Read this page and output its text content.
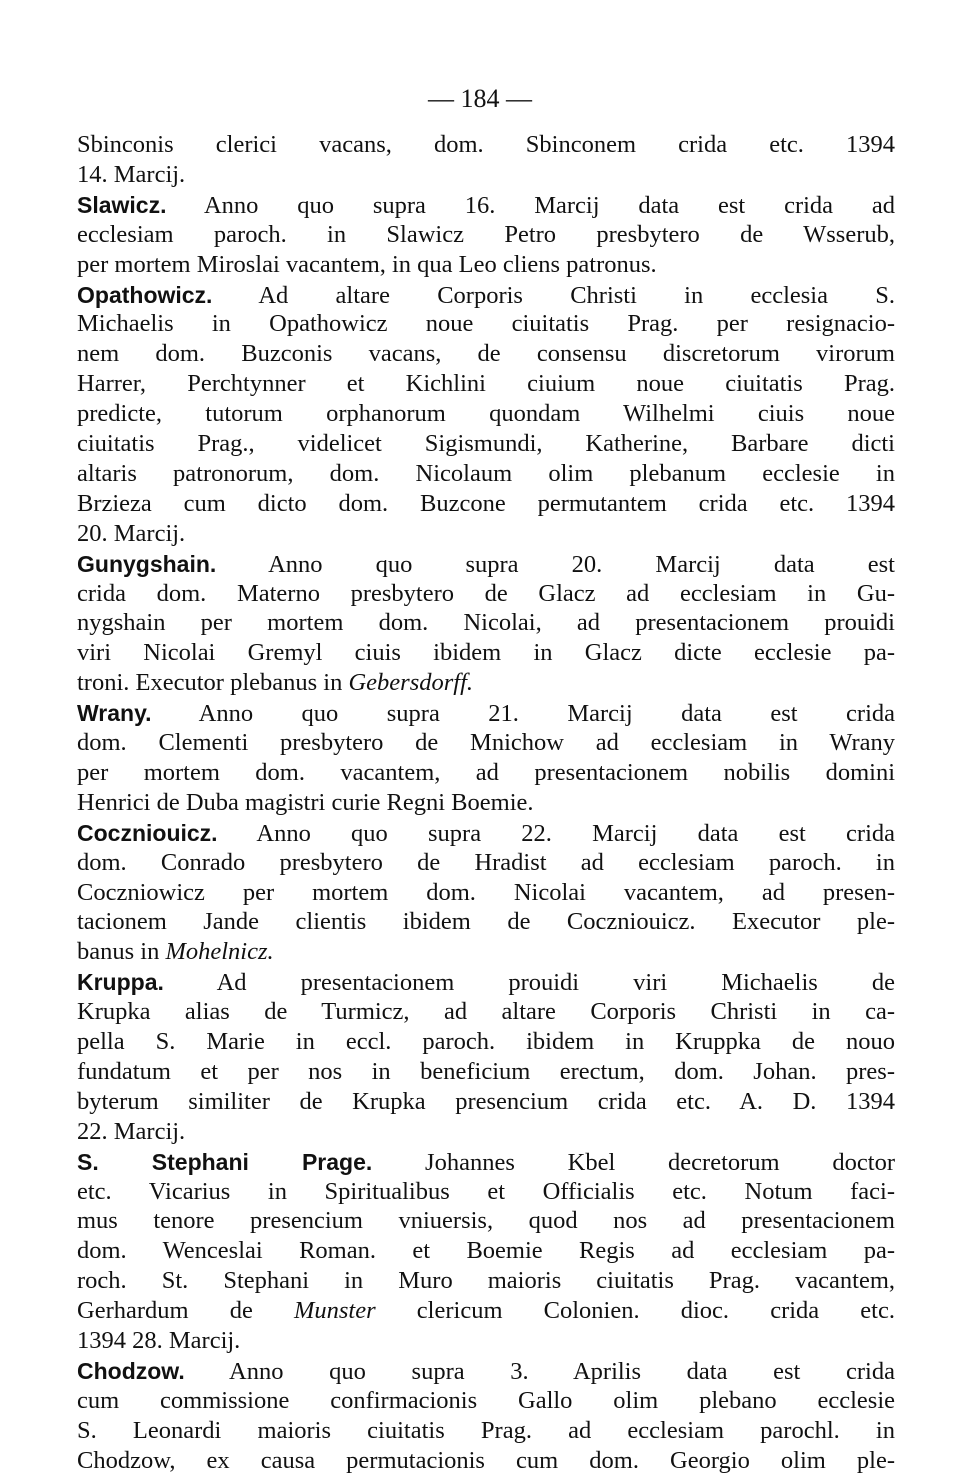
— 184 —
Sbinconis clerici vacans, dom. Sbinconem crida etc. 1394
14. Marcij.
Slawicz. Anno quo supra 16. Marcij data est crida ad
ecclesiam paroch. in Slawicz Petro presbytero de Wsserub,
per mortem Miroslai vacantem, in qua Leo cliens patronus.
Opathowicz. Ad altare Corporis Christi in ecclesia S.
Michaelis in Opathowicz noue ciuitatis Prag. per resignacio-
nem dom. Buzconis vacans, de consensu discretorum virorum
Harrer, Perchtynner et Kichlini ciuium noue ciuitatis Prag.
predicte, tutorum orphanorum quondam Wilhelmi ciuis noue
ciuitatis Prag., videlicet Sigismundi, Katherine, Barbare dicti
altaris patronorum, dom. Nicolaum olim plebanum ecclesie in
Brzieza cum dicto dom. Buzcone permutantem crida etc. 1394
20. Marcij.
Gunygshain. Anno quo supra 20. Marcij data est
crida dom. Materno presbytero de Glacz ad ecclesiam in Gu-
nygshain per mortem dom. Nicolai, ad presentacionem prouidi
viri Nicolai Gremyl ciuis ibidem in Glacz dicte ecclesie pa-
troni. Executor plebanus in Gebersdorff.
Wrany. Anno quo supra 21. Marcij data est crida
dom. Clementi presbytero de Mnichow ad ecclesiam in Wrany
per mortem dom. vacantem, ad presentacionem nobilis domini
Henrici de Duba magistri curie Regni Boemie.
Coczniouicz. Anno quo supra 22. Marcij data est crida
dom. Conrado presbytero de Hradist ad ecclesiam paroch. in
Coczniowicz per mortem dom. Nicolai vacantem, ad presen-
tacionem Jande clientis ibidem de Coczniouicz. Executor ple-
banus in Mohelnicz.
Kruppa. Ad presentacionem prouidi viri Michaelis de
Krupka alias de Turmicz, ad altare Corporis Christi in ca-
pella S. Marie in eccl. paroch. ibidem in Kruppka de nouo
fundatum et per nos in beneficium erectum, dom. Johan. pres-
byterum similiter de Krupka presencium crida etc. A. D. 1394
22. Marcij.
S. Stephani Prage. Johannes Kbel decretorum doctor
etc. Vicarius in Spiritualibus et Officialis etc. Notum faci-
mus tenore presencium vniuersis, quod nos ad presentacionem
dom. Wenceslai Roman. et Boemie Regis ad ecclesiam pa-
roch. St. Stephani in Muro maioris ciuitatis Prag. vacantem,
Gerhardum de Munster clericum Colonien. dioc. crida etc.
1394 28. Marcij.
Chodzow. Anno quo supra 3. Aprilis data est crida
cum commissione confirmacionis Gallo olim plebano ecclesie
S. Leonardi maioris ciuitatis Prag. ad ecclesiam parochl. in
Chodzow, ex causa permutacionis cum dom. Georgio olim ple-
